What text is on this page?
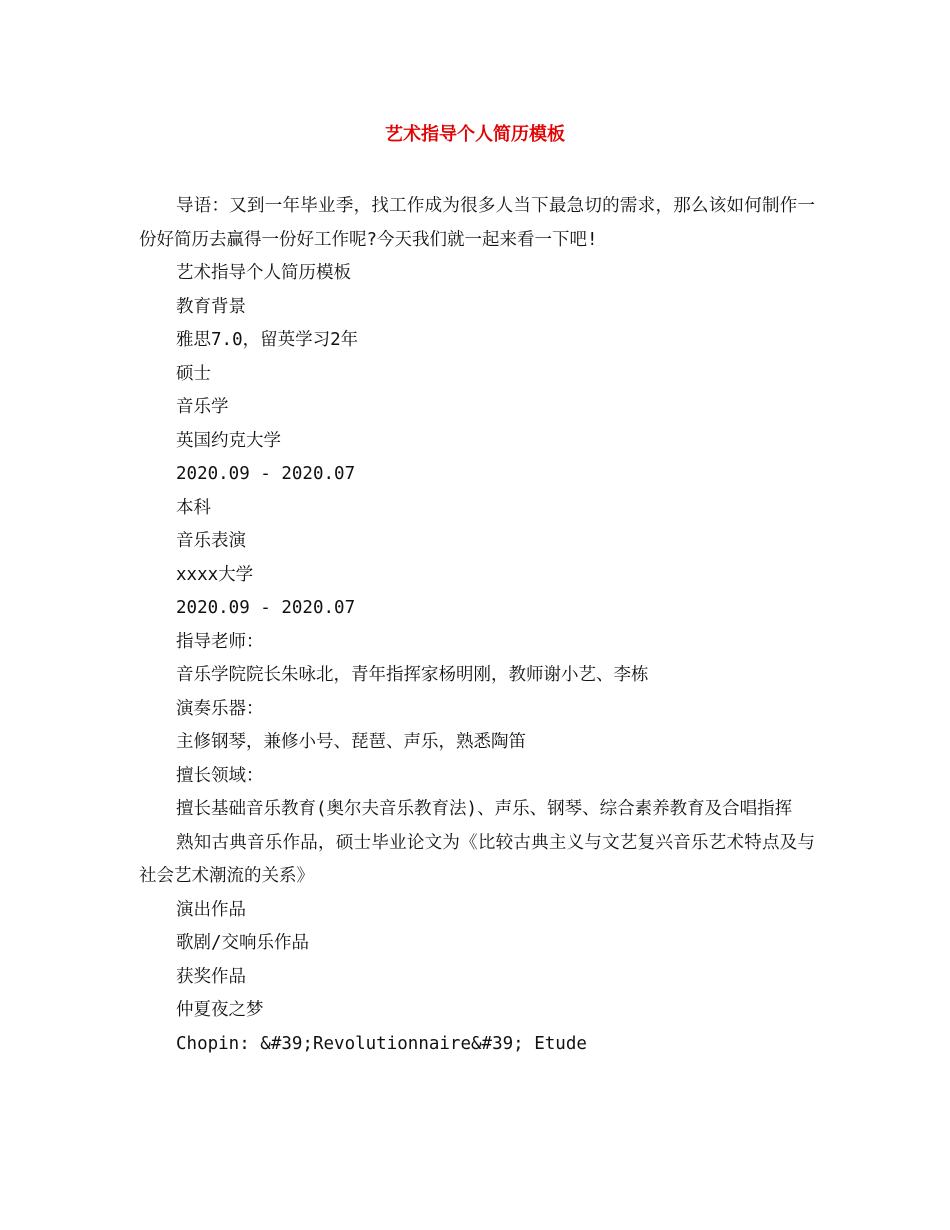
艺术指导个人简历模板

导语：又到一年毕业季，找工作成为很多人当下最急切的需求，那么该如何制作一份好简历去赢得一份好工作呢?今天我们就一起来看一下吧!

艺术指导个人简历模板

教育背景

雅思7.0，留英学习2年

硕士

音乐学

英国约克大学

2020.09 - 2020.07

本科

音乐表演

xxxx大学

2020.09 - 2020.07

指导老师：

音乐学院院长朱咏北，青年指挥家杨明刚，教师谢小艺、李栋

演奏乐器：

主修钢琴，兼修小号、琵琶、声乐，熟悉陶笛

擅长领域：

擅长基础音乐教育(奥尔夫音乐教育法)、声乐、钢琴、综合素养教育及合唱指挥

熟知古典音乐作品，硕士毕业论文为《比较古典主义与文艺复兴音乐艺术特点及与社会艺术潮流的关系》

演出作品

歌剧/交响乐作品

获奖作品

仲夏夜之梦

Chopin: &#39;Revolutionnaire&#39; Etude
